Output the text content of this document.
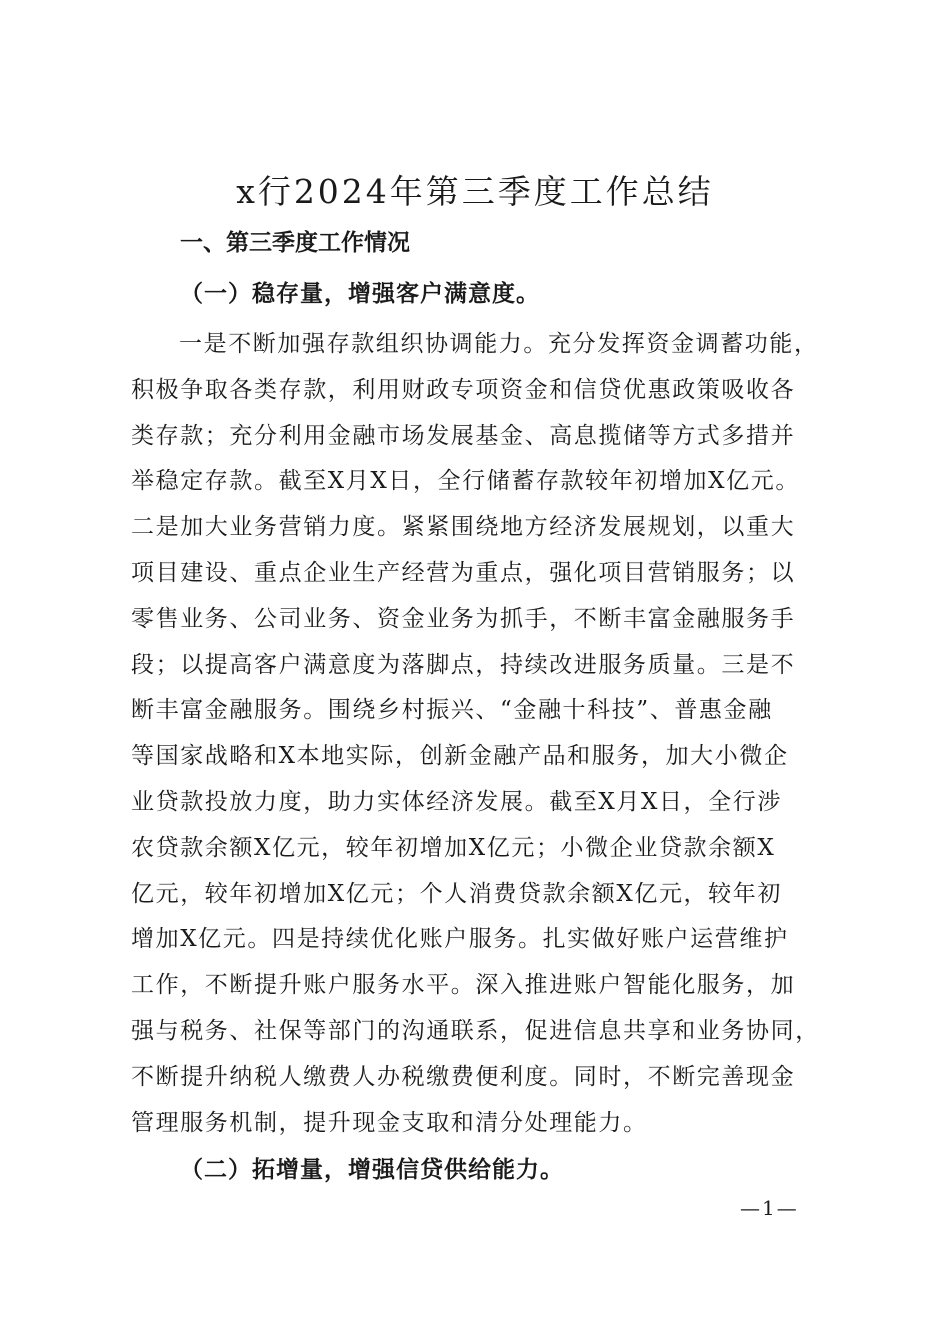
x行2024年第三季度工作总结
一、第三季度工作情况
（一）稳存量，增强客户满意度。
一是不断加强存款组织协调能力。充分发挥资金调蓄功能，
积极争取各类存款，利用财政专项资金和信贷优惠政策吸收各
类存款；充分利用金融市场发展基金、高息揽储等方式多措并
举稳定存款。截至X月X日，全行储蓄存款较年初增加X亿元。
二是加大业务营销力度。紧紧围绕地方经济发展规划，以重大
项目建设、重点企业生产经营为重点，强化项目营销服务；以
零售业务、公司业务、资金业务为抓手，不断丰富金融服务手
段；以提高客户满意度为落脚点，持续改进服务质量。三是不
断丰富金融服务。围绕乡村振兴、“金融十科技”、普惠金融
等国家战略和X本地实际，创新金融产品和服务，加大小微企
业贷款投放力度，助力实体经济发展。截至X月X日，全行涉
农贷款余额X亿元，较年初增加X亿元；小微企业贷款余额X
亿元，较年初增加X亿元；个人消费贷款余额X亿元，较年初
增加X亿元。四是持续优化账户服务。扎实做好账户运营维护
工作，不断提升账户服务水平。深入推进账户智能化服务，加
强与税务、社保等部门的沟通联系，促进信息共享和业务协同，
不断提升纳税人缴费人办税缴费便利度。同时，不断完善现金
管理服务机制，提升现金支取和清分处理能力。
（二）拓增量，增强信贷供给能力。
—1—
